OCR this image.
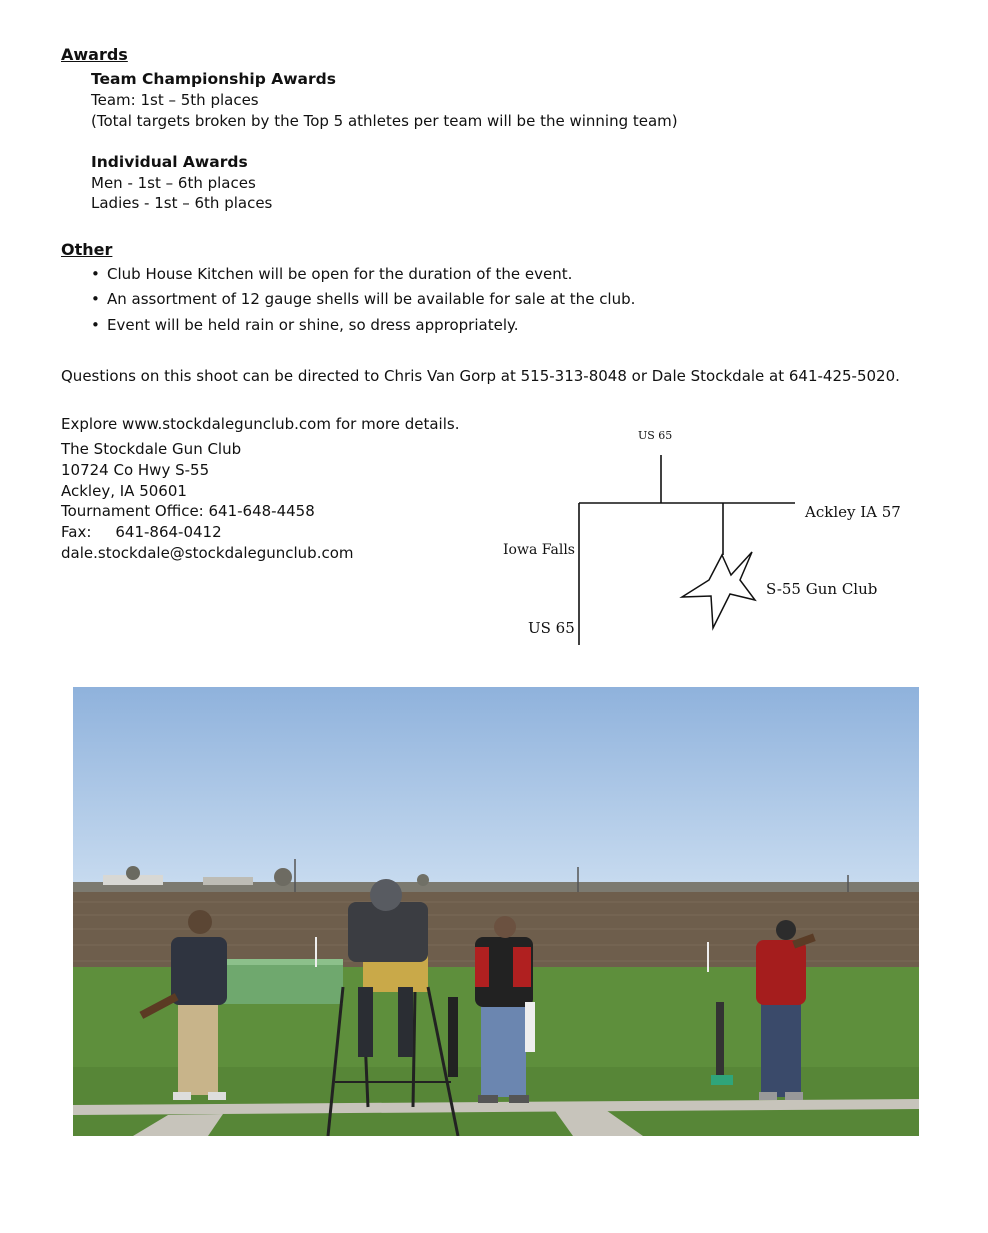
Awards
Team Championship Awards
Team: 1st – 5th places
(Total targets broken by the Top 5 athletes per team will be the winning team)
Individual Awards
Men - 1st – 6th places
Ladies - 1st – 6th places
Other
• Club House Kitchen will be open for the duration of the event.
• An assortment of 12 gauge shells will be available for sale at the club.
• Event will be held rain or shine, so dress appropriately.
Questions on this shoot can be directed to Chris Van Gorp at 515-313-8048 or Dale Stockdale at 641-425-5020.
Explore www.stockdalegunclub.com for more details.
The Stockdale Gun Club
10724 Co Hwy S-55
Ackley, IA 50601
Tournament Office: 641-648-4458
Fax: 641-864-0412
dale.stockdale@stockdalegunclub.com
US 65
Ackley IA 57
Iowa Falls
S-55 Gun Club
US 65
